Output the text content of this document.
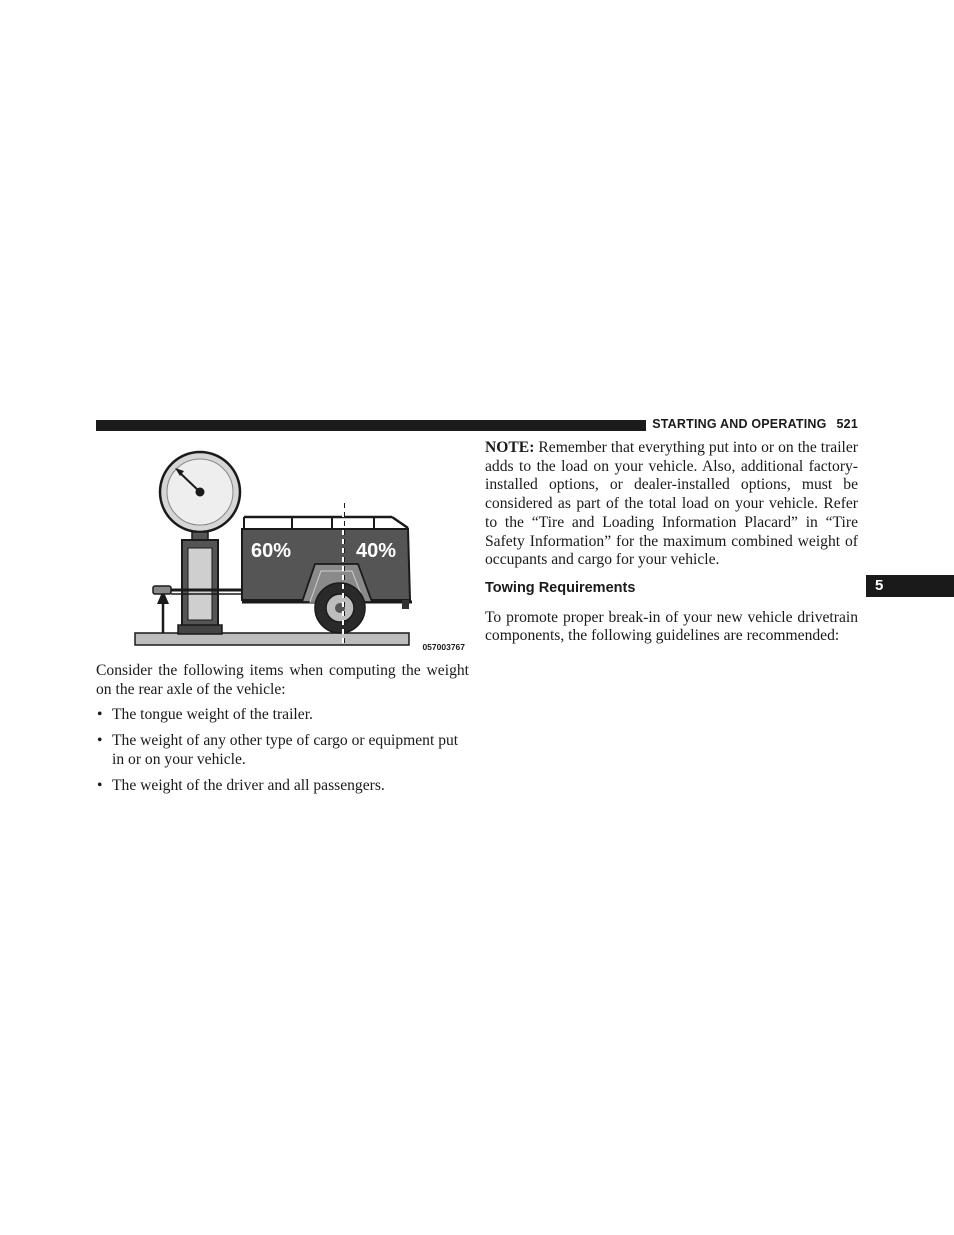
STARTING AND OPERATING 521
5
60%	40%
057003767

Consider the following items when computing the weight on the rear axle of the vehicle:

• The tongue weight of the trailer.
• The weight of any other type of cargo or equipment put in or on your vehicle.
• The weight of the driver and all passengers.

NOTE: Remember that everything put into or on the trailer adds to the load on your vehicle. Also, additional factory-installed options, or dealer-installed options, must be considered as part of the total load on your vehicle. Refer to the “Tire and Loading Information Placard” in “Tire Safety Information” for the maximum combined weight of occupants and cargo for your vehicle.

Towing Requirements

To promote proper break-in of your new vehicle drivetrain components, the following guidelines are recommended:
